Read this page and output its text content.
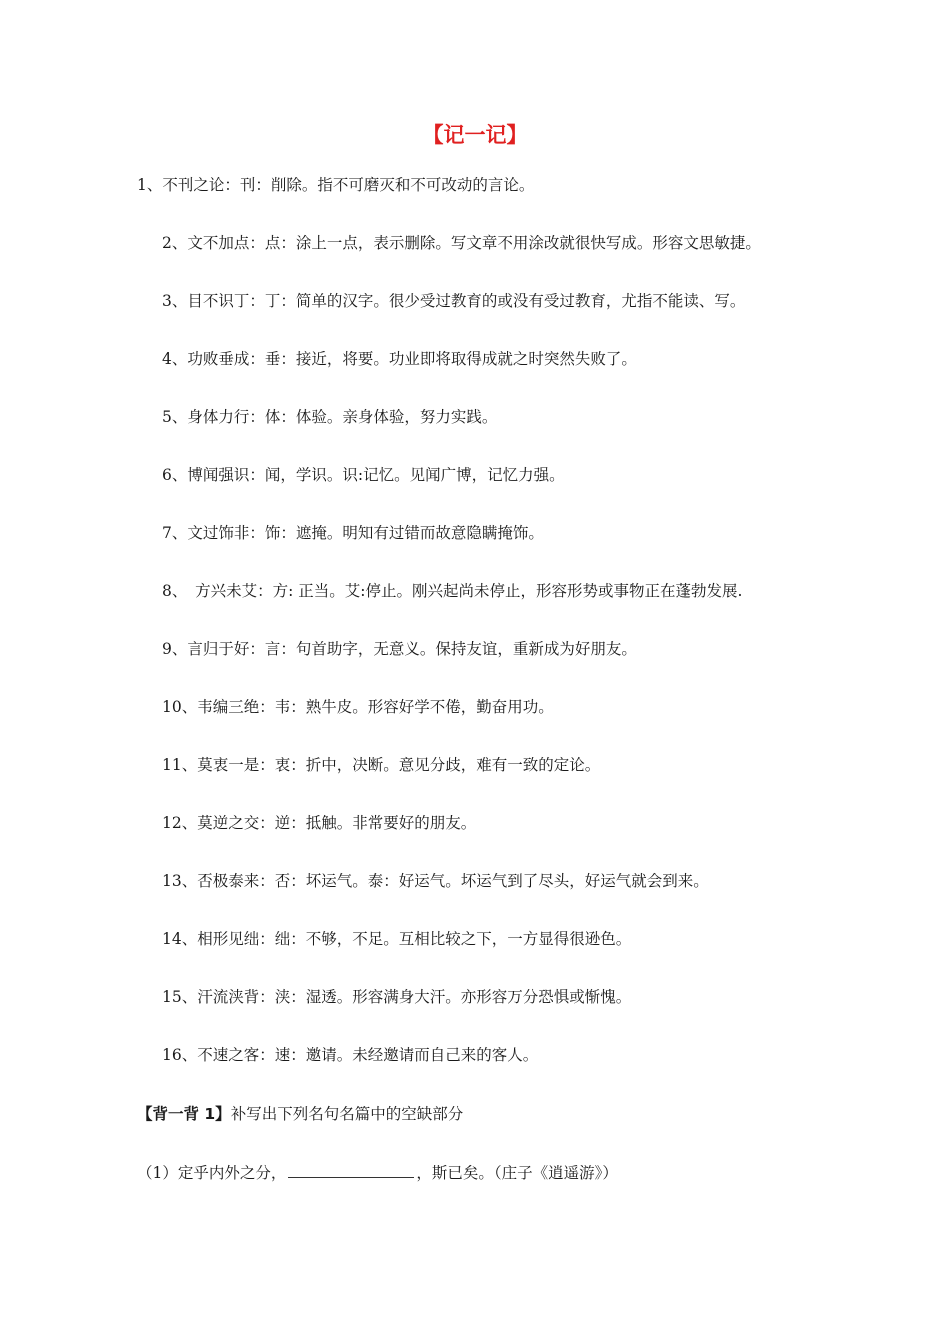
【记一记】
1、不刊之论：刊：削除。指不可磨灭和不可改动的言论。
2、文不加点：点：涂上一点，表示删除。写文章不用涂改就很快写成。形容文思敏捷。
3、目不识丁：丁：简单的汉字。很少受过教育的或没有受过教育，尤指不能读、写。
4、功败垂成：垂：接近，将要。功业即将取得成就之时突然失败了。
5、身体力行：体：体验。亲身体验，努力实践。
6、博闻强识：闻，学识。识:记忆。见闻广博，记忆力强。
7、文过饰非：饰：遮掩。明知有过错而故意隐瞒掩饰。
8、　方兴未艾：方: 正当。艾:停止。刚兴起尚未停止，形容形势或事物正在蓬勃发展.
9、言归于好：言：句首助字，无意义。保持友谊，重新成为好朋友。
10、韦编三绝：韦：熟牛皮。形容好学不倦，勤奋用功。
11、莫衷一是：衷：折中，决断。意见分歧，难有一致的定论。
12、莫逆之交：逆：抵触。非常要好的朋友。
13、否极泰来：否：坏运气。泰：好运气。坏运气到了尽头，好运气就会到来。
14、相形见绌：绌：不够，不足。互相比较之下，一方显得很逊色。
15、汗流浃背：浃：湿透。形容满身大汗。亦形容万分恐惧或惭愧。
16、不速之客：速：邀请。未经邀请而自己来的客人。
【背一背 1】补写出下列名句名篇中的空缺部分
（1）定乎内外之分，	，斯已矣。（庄子《逍遥游》）
